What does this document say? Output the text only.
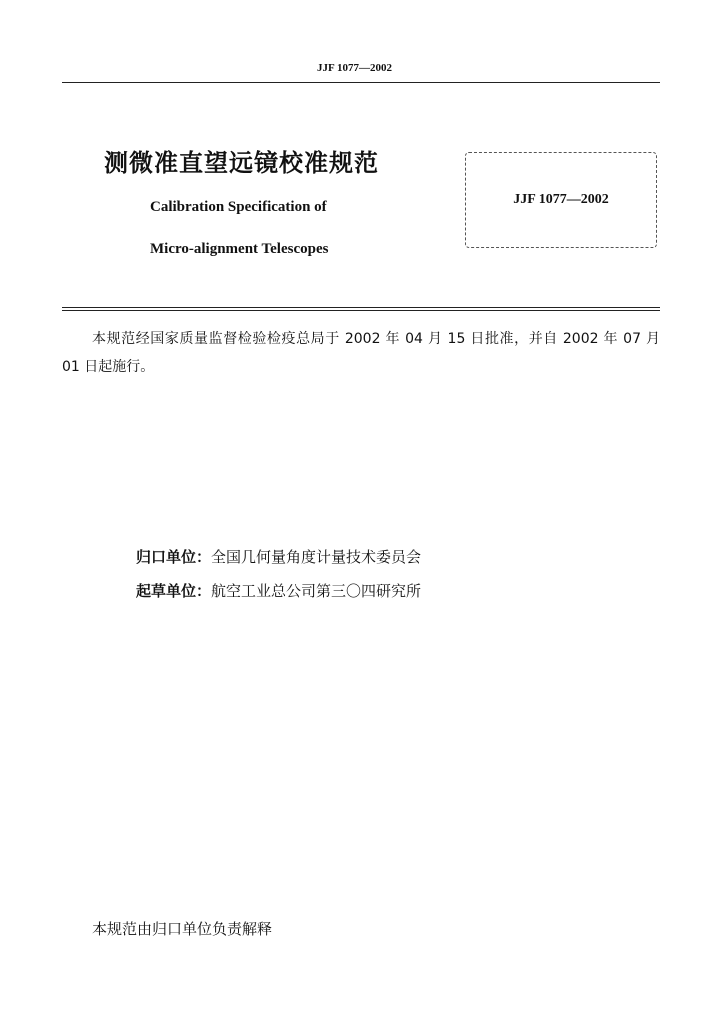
JJF 1077—2002
测微准直望远镜校准规范
Calibration Specification of
Micro-alignment Telescopes
JJF 1077—2002
本规范经国家质量监督检验检疫总局于 2002 年 04 月 15 日批准，并自 2002 年 07 月 01 日起施行。
归口单位：全国几何量角度计量技术委员会
起草单位：航空工业总公司第三〇四研究所
本规范由归口单位负责解释
